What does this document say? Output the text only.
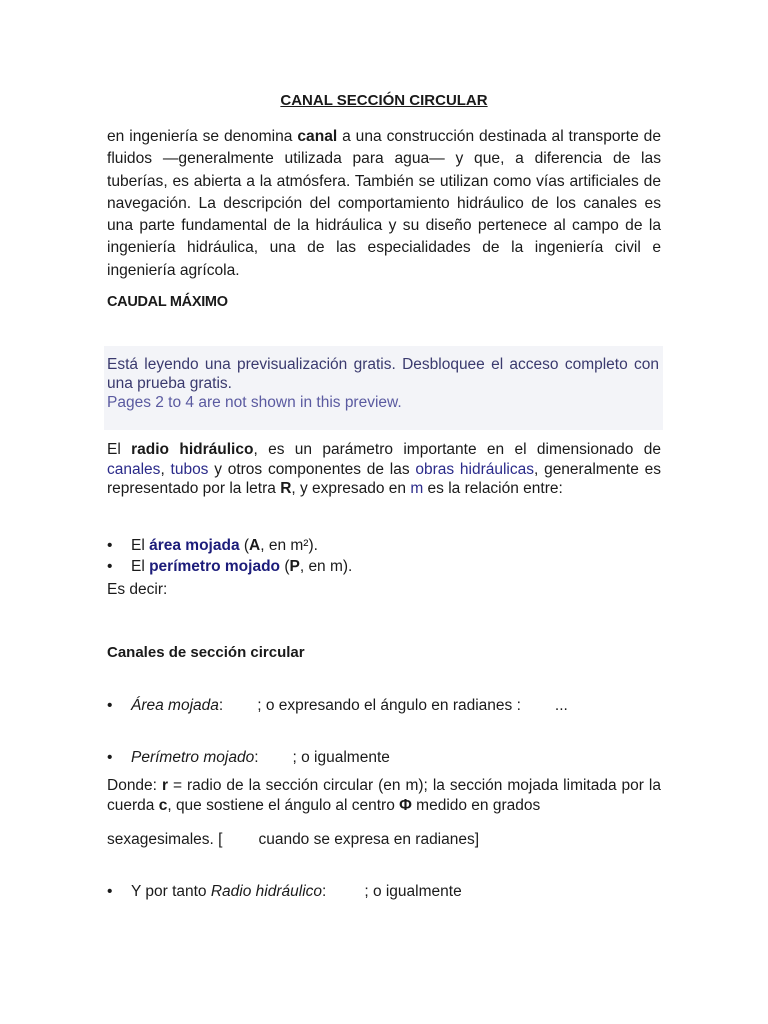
CANAL SECCIÓN CIRCULAR

en ingeniería se denomina canal a una construcción destinada al transporte de fluidos —generalmente utilizada para agua— y que, a diferencia de las tuberías, es abierta a la atmósfera. También se utilizan como vías artificiales de navegación. La descripción del comportamiento hidráulico de los canales es una parte fundamental de la hidráulica y su diseño pertenece al campo de la ingeniería hidráulica, una de las especialidades de la ingeniería civil e ingeniería agrícola.

CAUDAL MÁXIMO
Está leyendo una previsualización gratis. Desbloquee el acceso completo con una prueba gratis.
Pages 2 to 4 are not shown in this preview.

El radio hidráulico, es un parámetro importante en el dimensionado de canales, tubos y otros componentes de las obras hidráulicas, generalmente es representado por la letra R, y expresado en m es la relación entre:

• El área mojada (A, en m²).
• El perímetro mojado (P, en m).
Es decir:
Canales de sección circular
• Área mojada: ; o expresando el ángulo en radianes : ...
• Perímetro mojado: ; o igualmente

Donde: r = radio de la sección circular (en m); la sección mojada limitada por la cuerda c, que sostiene el ángulo al centro Φ medido en grados

sexagesimales. [ cuando se expresa en radianes]
• Y por tanto Radio hidráulico: ; o igualmente
